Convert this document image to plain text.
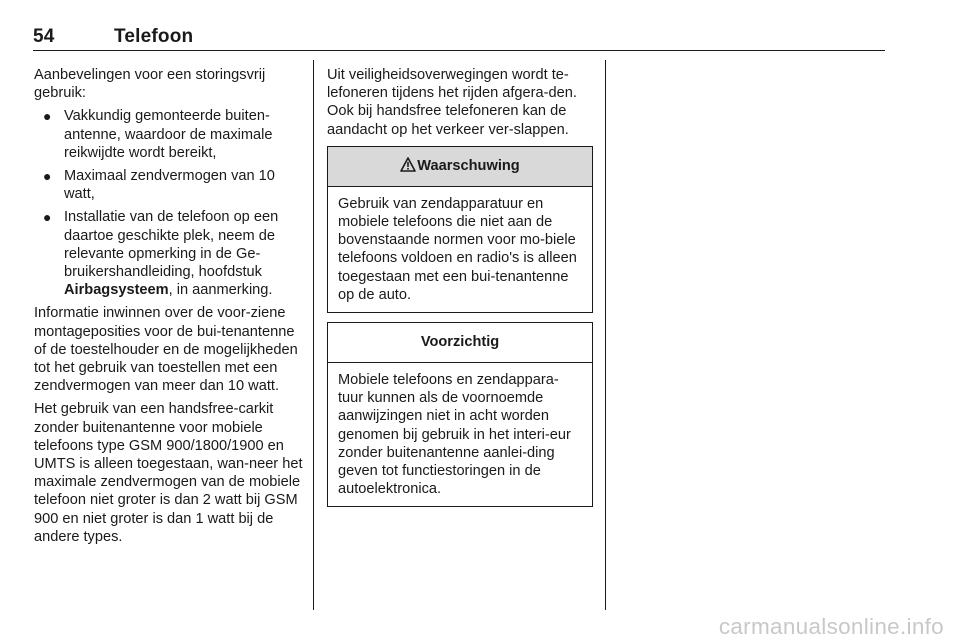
54	Telefoon

Aanbevelingen voor een storingsvrij gebruik:

● Vakkundig gemonteerde buiten-antenne, waardoor de maximale reikwijdte wordt bereikt,
● Maximaal zendvermogen van 10 watt,
● Installatie van de telefoon op een daartoe geschikte plek, neem de relevante opmerking in de Ge-bruikershandleiding, hoofdstuk Airbagsysteem, in aanmerking.

Informatie inwinnen over de voor-ziene montageposities voor de bui-tenantenne of de toestelhouder en de mogelijkheden tot het gebruik van toestellen met een zendvermogen van meer dan 10 watt.

Het gebruik van een handsfree-carkit zonder buitenantenne voor mobiele telefoons type GSM 900/1800/1900 en UMTS is alleen toegestaan, wan-neer het maximale zendvermogen van de mobiele telefoon niet groter is dan 2 watt bij GSM 900 en niet groter is dan 1 watt bij de andere types.

Uit veiligheidsoverwegingen wordt te-lefoneren tijdens het rijden afgera-den. Ook bij handsfree telefoneren kan de aandacht op het verkeer ver-slappen.

Waarschuwing
Gebruik van zendapparatuur en mobiele telefoons die niet aan de bovenstaande normen voor mo-biele telefoons voldoen en radio's is alleen toegestaan met een bui-tenantenne op de auto.
Voorzichtig
Mobiele telefoons en zendappara-tuur kunnen als de voornoemde aanwijzingen niet in acht worden genomen bij gebruik in het interi-eur zonder buitenantenne aanlei-ding geven tot functiestoringen in de autoelektronica.
carmanualsonline.info
